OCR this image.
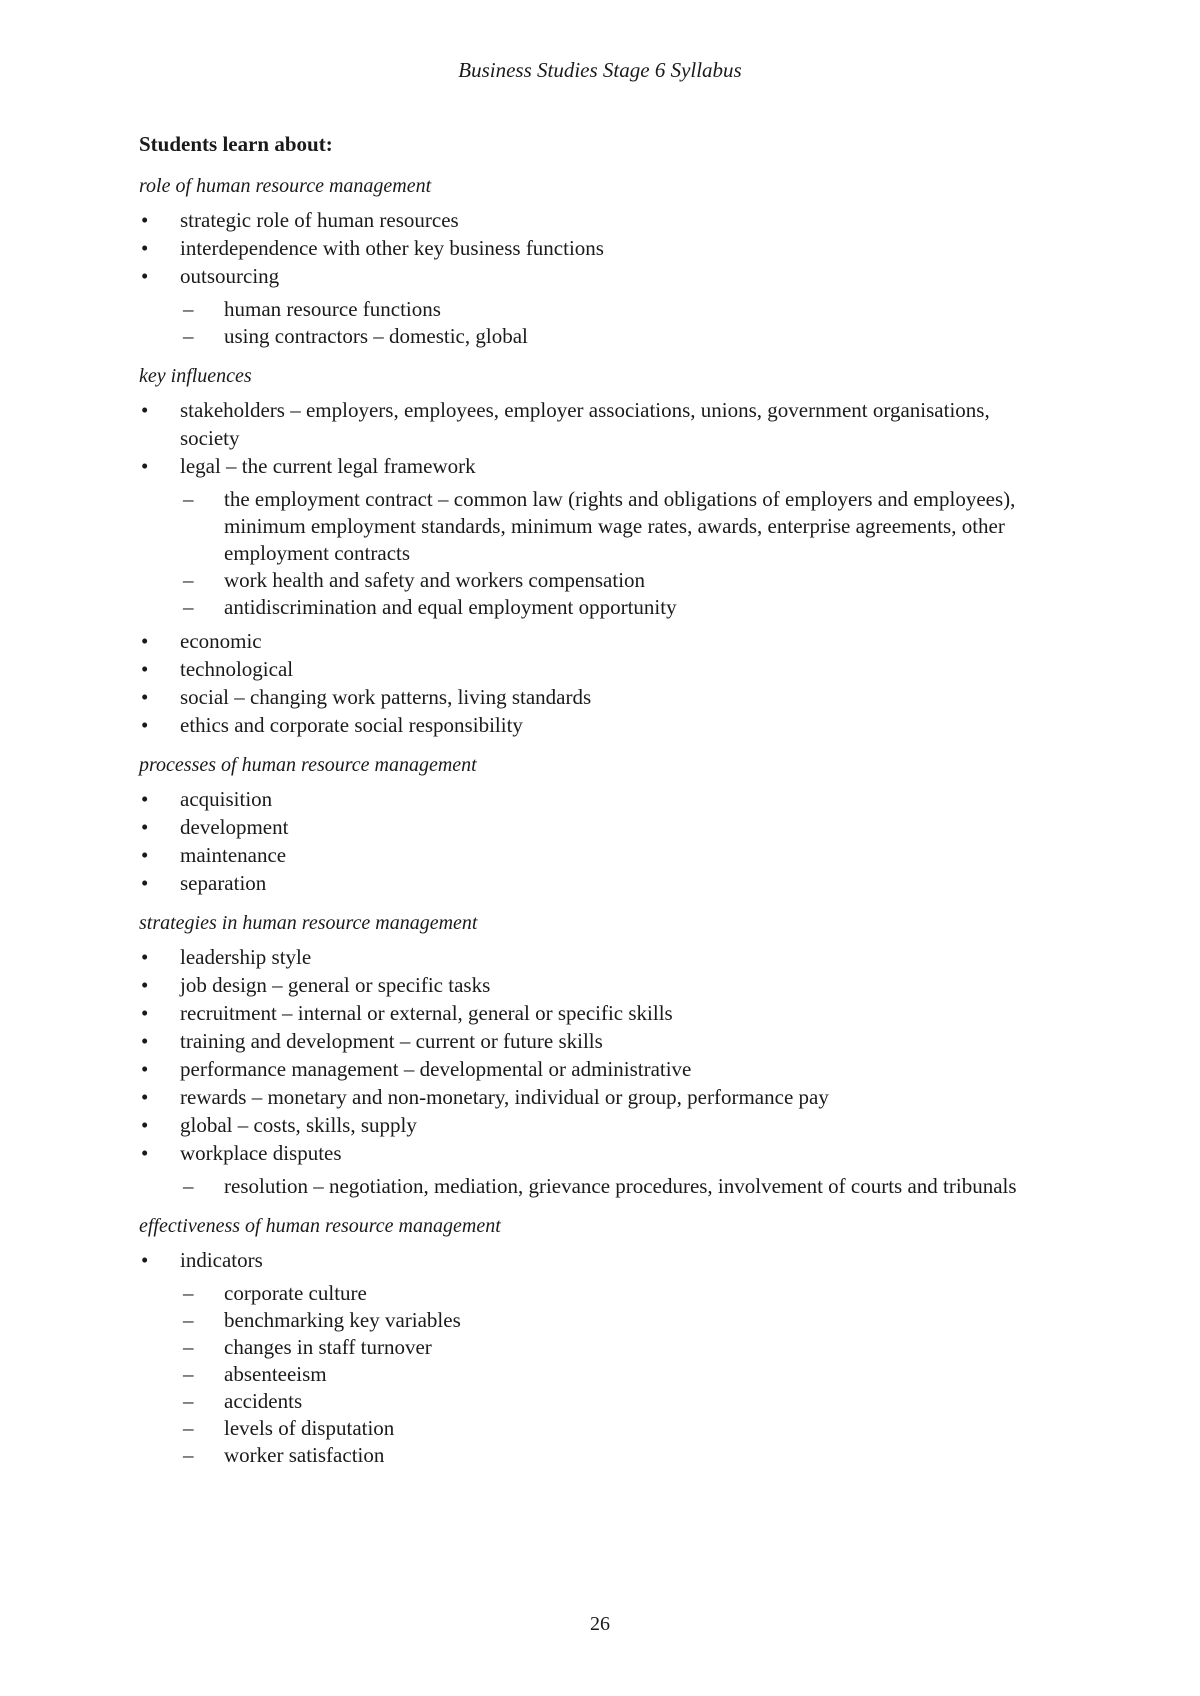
Business Studies Stage 6 Syllabus
Students learn about:
role of human resource management
•	strategic role of human resources
•	interdependence with other key business functions
•	outsourcing
– human resource functions
– using contractors – domestic, global
key influences
•	stakeholders – employers, employees, employer associations, unions, government organisations, society
•	legal – the current legal framework
– the employment contract – common law (rights and obligations of employers and employees), minimum employment standards, minimum wage rates, awards, enterprise agreements, other employment contracts
– work health and safety and workers compensation
– antidiscrimination and equal employment opportunity
•	economic
•	technological
•	social – changing work patterns, living standards
•	ethics and corporate social responsibility
processes of human resource management
•	acquisition
•	development
•	maintenance
•	separation
strategies in human resource management
•	leadership style
•	job design – general or specific tasks
•	recruitment – internal or external, general or specific skills
•	training and development – current or future skills
•	performance management – developmental or administrative
•	rewards – monetary and non-monetary, individual or group, performance pay
•	global – costs, skills, supply
•	workplace disputes
– resolution – negotiation, mediation, grievance procedures, involvement of courts and tribunals
effectiveness of human resource management
•	indicators
– corporate culture
– benchmarking key variables
– changes in staff turnover
– absenteeism
– accidents
– levels of disputation
– worker satisfaction
26
